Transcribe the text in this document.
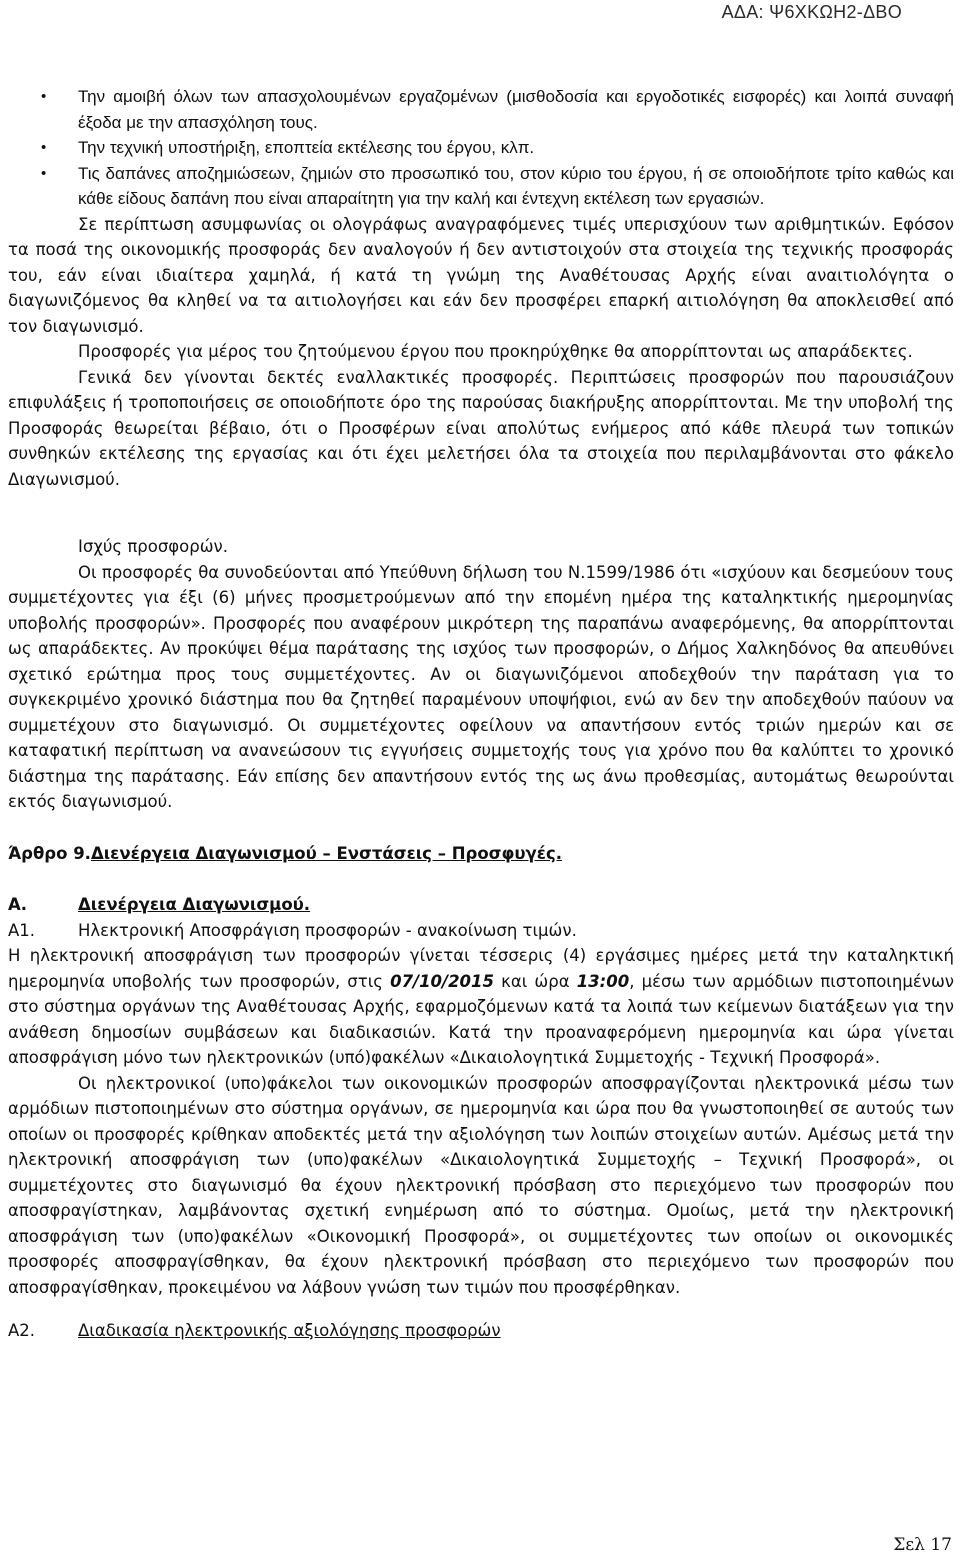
ΑΔΑ: Ψ6ΧΚΩΗ2-ΔΒΟ
• Την αμοιβή όλων των απασχολουμένων εργαζομένων (μισθοδοσία και εργοδοτικές εισφορές) και λοιπά συναφή έξοδα με την απασχόληση τους.
• Την τεχνική υποστήριξη, εποπτεία εκτέλεσης του έργου, κλπ.
• Τις δαπάνες αποζημιώσεων, ζημιών στο προσωπικό του, στον κύριο του έργου, ή σε οποιοδήποτε τρίτο καθώς και κάθε είδους δαπάνη που είναι απαραίτητη για την καλή και έντεχνη εκτέλεση των εργασιών.

Σε περίπτωση ασυμφωνίας οι ολογράφως αναγραφόμενες τιμές υπερισχύουν των αριθμητικών. Εφόσον τα ποσά της οικονομικής προσφοράς δεν αναλογούν ή δεν αντιστοιχούν στα στοιχεία της τεχνικής προσφοράς του, εάν είναι ιδιαίτερα χαμηλά, ή κατά τη γνώμη της Αναθέτουσας Αρχής είναι αναιτιολόγητα ο διαγωνιζόμενος θα κληθεί να τα αιτιολογήσει και εάν δεν προσφέρει επαρκή αιτιολόγηση θα αποκλεισθεί από τον διαγωνισμό.

Προσφορές για μέρος του ζητούμενου έργου που προκηρύχθηκε θα απορρίπτονται ως απαράδεκτες.

Γενικά δεν γίνονται δεκτές εναλλακτικές προσφορές. Περιπτώσεις προσφορών που παρουσιάζουν επιφυλάξεις ή τροποποιήσεις σε οποιοδήποτε όρο της παρούσας διακήρυξης απορρίπτονται. Με την υποβολή της Προσφοράς θεωρείται βέβαιο, ότι ο Προσφέρων είναι απολύτως ενήμερος από κάθε πλευρά των τοπικών συνθηκών εκτέλεσης της εργασίας και ότι έχει μελετήσει όλα τα στοιχεία που περιλαμβάνονται στο φάκελο Διαγωνισμού.

Ισχύς προσφορών.

Οι προσφορές θα συνοδεύονται από Υπεύθυνη δήλωση του Ν.1599/1986 ότι «ισχύουν και δεσμεύουν τους συμμετέχοντες για έξι (6) μήνες προσμετρούμενων από την επομένη ημέρα της καταληκτικής ημερομηνίας υποβολής προσφορών». Προσφορές που αναφέρουν μικρότερη της παραπάνω αναφερόμενης, θα απορρίπτονται ως απαράδεκτες. Αν προκύψει θέμα παράτασης της ισχύος των προσφορών, ο Δήμος Χαλκηδόνος θα απευθύνει σχετικό ερώτημα προς τους συμμετέχοντες. Αν οι διαγωνιζόμενοι αποδεχθούν την παράταση για το συγκεκριμένο χρονικό διάστημα που θα ζητηθεί παραμένουν υποψήφιοι, ενώ αν δεν την αποδεχθούν παύουν να συμμετέχουν στο διαγωνισμό. Οι συμμετέχοντες οφείλουν να απαντήσουν εντός τριών ημερών και σε καταφατική περίπτωση να ανανεώσουν τις εγγυήσεις συμμετοχής τους για χρόνο που θα καλύπτει το χρονικό διάστημα της παράτασης. Εάν επίσης δεν απαντήσουν εντός της ως άνω προθεσμίας, αυτομάτως θεωρούνται εκτός διαγωνισμού.

Άρθρο 9.Διενέργεια Διαγωνισμού – Ενστάσεις – Προσφυγές.

Α.	Διενέργεια Διαγωνισμού.
Α1.	Ηλεκτρονική Αποσφράγιση προσφορών - ανακοίνωση τιμών.

Η ηλεκτρονική αποσφράγιση των προσφορών γίνεται τέσσερις (4) εργάσιμες ημέρες μετά την καταληκτική ημερομηνία υποβολής των προσφορών, στις 07/10/2015 και ώρα 13:00, μέσω των αρμόδιων πιστοποιημένων στο σύστημα οργάνων της Αναθέτουσας Αρχής, εφαρμοζόμενων κατά τα λοιπά των κείμενων διατάξεων για την ανάθεση δημοσίων συμβάσεων και διαδικασιών. Κατά την προαναφερόμενη ημερομηνία και ώρα γίνεται αποσφράγιση μόνο των ηλεκτρονικών (υπό)φακέλων «Δικαιολογητικά Συμμετοχής - Τεχνική Προσφορά».

Οι ηλεκτρονικοί (υπο)φάκελοι των οικονομικών προσφορών αποσφραγίζονται ηλεκτρονικά μέσω των αρμόδιων πιστοποιημένων στο σύστημα οργάνων, σε ημερομηνία και ώρα που θα γνωστοποιηθεί σε αυτούς των οποίων οι προσφορές κρίθηκαν αποδεκτές μετά την αξιολόγηση των λοιπών στοιχείων αυτών. Αμέσως μετά την ηλεκτρονική αποσφράγιση των (υπο)φακέλων «Δικαιολογητικά Συμμετοχής – Τεχνική Προσφορά», οι συμμετέχοντες στο διαγωνισμό θα έχουν ηλεκτρονική πρόσβαση στο περιεχόμενο των προσφορών που αποσφραγίστηκαν, λαμβάνοντας σχετική ενημέρωση από το σύστημα. Ομοίως, μετά την ηλεκτρονική αποσφράγιση των (υπο)φακέλων «Οικονομική Προσφορά», οι συμμετέχοντες των οποίων οι οικονομικές προσφορές αποσφραγίσθηκαν, θα έχουν ηλεκτρονική πρόσβαση στο περιεχόμενο των προσφορών που αποσφραγίσθηκαν, προκειμένου να λάβουν γνώση των τιμών που προσφέρθηκαν.

Α2.	Διαδικασία ηλεκτρονικής αξιολόγησης προσφορών
Σελ 17
